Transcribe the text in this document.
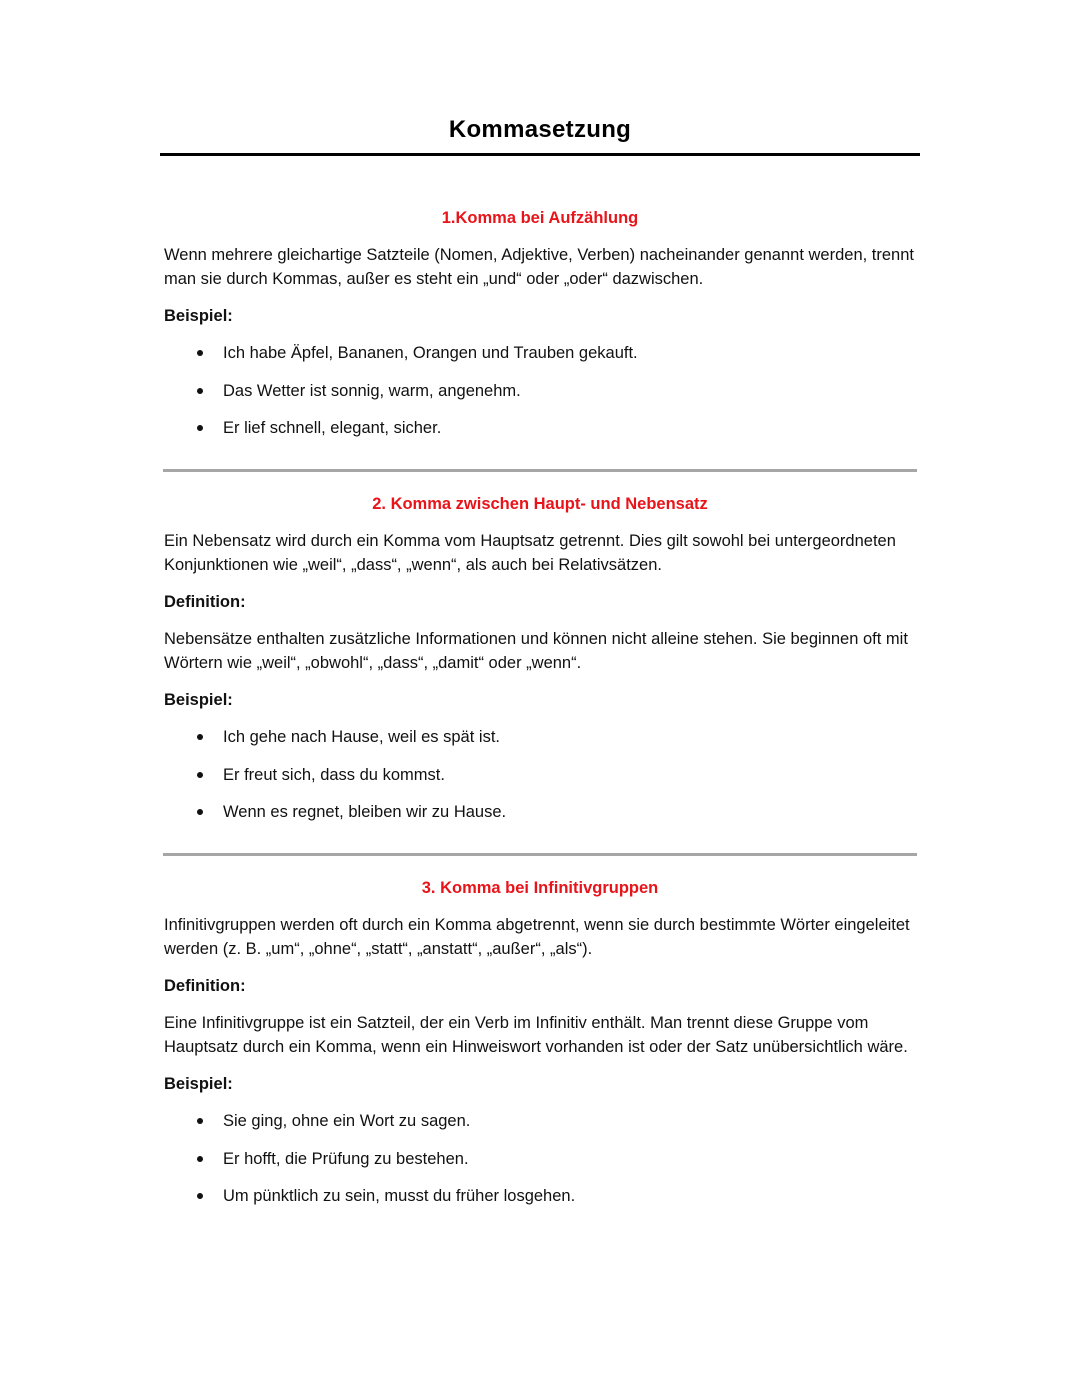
Kommasetzung
1.Komma bei Aufzählung

Wenn mehrere gleichartige Satzteile (Nomen, Adjektive, Verben) nacheinander genannt werden, trennt man sie durch Kommas, außer es steht ein „und“ oder „oder“ dazwischen.

Beispiel:

Ich habe Äpfel, Bananen, Orangen und Trauben gekauft.
Das Wetter ist sonnig, warm, angenehm.
Er lief schnell, elegant, sicher.
2. Komma zwischen Haupt- und Nebensatz

Ein Nebensatz wird durch ein Komma vom Hauptsatz getrennt. Dies gilt sowohl bei untergeordneten Konjunktionen wie „weil“, „dass“, „wenn“, als auch bei Relativsätzen.

Definition:

Nebensätze enthalten zusätzliche Informationen und können nicht alleine stehen. Sie beginnen oft mit Wörtern wie „weil“, „obwohl“, „dass“, „damit“ oder „wenn“.

Beispiel:

Ich gehe nach Hause, weil es spät ist.
Er freut sich, dass du kommst.
Wenn es regnet, bleiben wir zu Hause.
3. Komma bei Infinitivgruppen

Infinitivgruppen werden oft durch ein Komma abgetrennt, wenn sie durch bestimmte Wörter eingeleitet werden (z. B. „um“, „ohne“, „statt“, „anstatt“, „außer“, „als“).

Definition:

Eine Infinitivgruppe ist ein Satzteil, der ein Verb im Infinitiv enthält. Man trennt diese Gruppe vom Hauptsatz durch ein Komma, wenn ein Hinweiswort vorhanden ist oder der Satz unübersichtlich wäre.

Beispiel:

Sie ging, ohne ein Wort zu sagen.
Er hofft, die Prüfung zu bestehen.
Um pünktlich zu sein, musst du früher losgehen.
